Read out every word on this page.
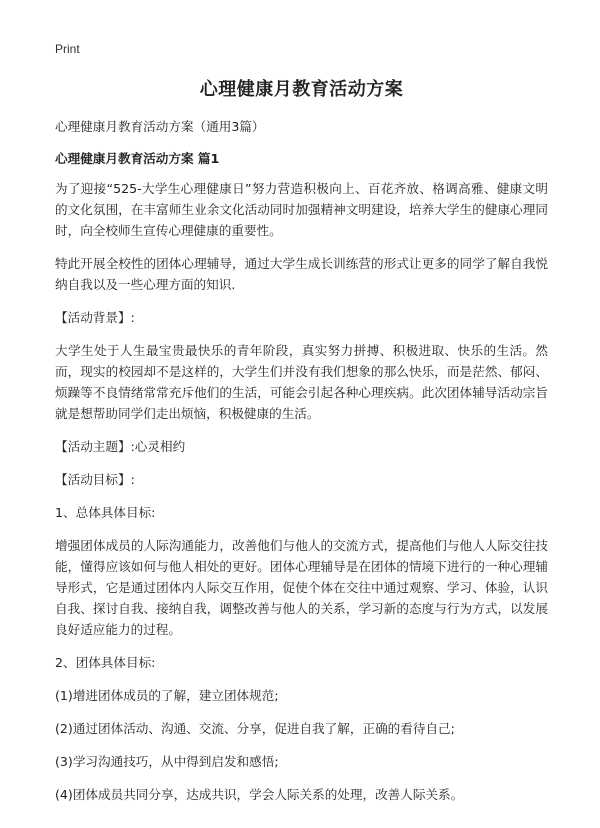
Print
心理健康月教育活动方案
心理健康月教育活动方案（通用3篇）
心理健康月教育活动方案 篇1
为了迎接“525-大学生心理健康日”努力营造积极向上、百花齐放、格调高雅、健康文明的文化氛围，在丰富师生业余文化活动同时加强精神文明建设，培养大学生的健康心理同时，向全校师生宣传心理健康的重要性。
特此开展全校性的团体心理辅导，通过大学生成长训练营的形式让更多的同学了解自我悦纳自我以及一些心理方面的知识.
【活动背景】:
大学生处于人生最宝贵最快乐的青年阶段，真实努力拼搏、积极进取、快乐的生活。然而，现实的校园却不是这样的，大学生们并没有我们想象的那么快乐，而是茫然、郁闷、烦躁等不良情绪常常充斥他们的生活，可能会引起各种心理疾病。此次团体辅导活动宗旨就是想帮助同学们走出烦恼，积极健康的生活。
【活动主题】:心灵相约
【活动目标】:
1、总体具体目标:
增强团体成员的人际沟通能力，改善他们与他人的交流方式，提高他们与他人人际交往技能，懂得应该如何与他人相处的更好。团体心理辅导是在团体的情境下进行的一种心理辅导形式，它是通过团体内人际交互作用，促使个体在交往中通过观察、学习、体验，认识自我、探讨自我、接纳自我，调整改善与他人的关系，学习新的态度与行为方式，以发展良好适应能力的过程。
2、团体具体目标:
(1)增进团体成员的了解，建立团体规范;
(2)通过团体活动、沟通、交流、分享，促进自我了解，正确的看待自己;
(3)学习沟通技巧，从中得到启发和感悟;
(4)团体成员共同分享，达成共识，学会人际关系的处理，改善人际关系。
